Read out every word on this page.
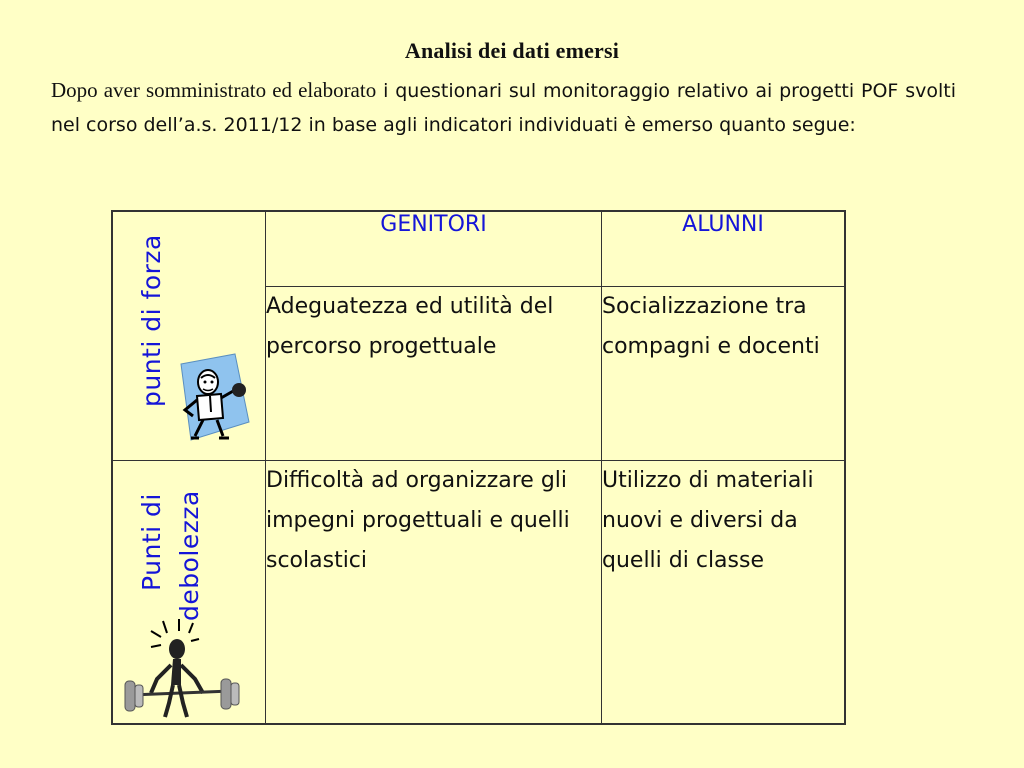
Analisi dei dati emersi

Dopo aver somministrato ed elaborato i questionari sul monitoraggio relativo ai progetti POF svolti nel corso dell’a.s. 2011/12 in base agli indicatori individuati è emerso quanto segue:

punti di forza	GENITORI	ALUNNI
	Adeguatezza ed utilità del percorso progettuale	Socializzazione tra compagni e docenti

Punti di debolezza	Difficoltà ad organizzare gli impegni progettuali e quelli scolastici	Utilizzo di materiali nuovi e diversi da quelli di classe
